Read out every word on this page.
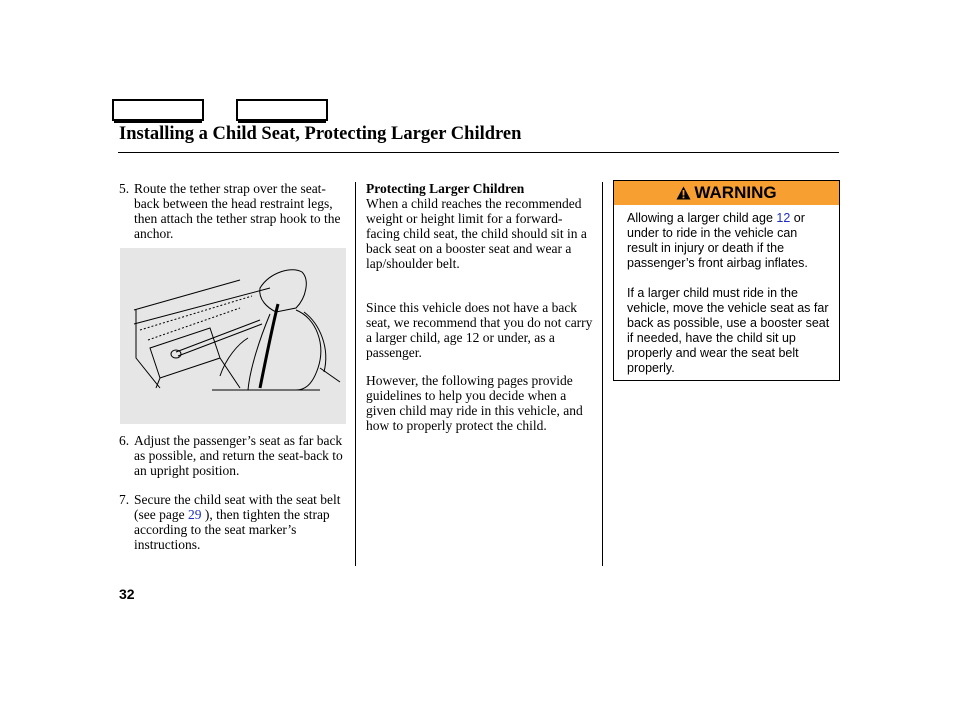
Installing a Child Seat, Protecting Larger Children
5. Route the tether strap over the seat-back between the head restraint legs, then attach the tether strap hook to the anchor.
6. Adjust the passenger’s seat as far back as possible, and return the seat-back to an upright position.
7. Secure the child seat with the seat belt (see page 29 ), then tighten the strap according to the seat marker’s instructions.
Protecting Larger Children

When a child reaches the recommended weight or height limit for a forward-facing child seat, the child should sit in a back seat on a booster seat and wear a lap/shoulder belt.

Since this vehicle does not have a back seat, we recommend that you do not carry a larger child, age 12 or under, as a passenger.

However, the following pages provide guidelines to help you decide when a given child may ride in this vehicle, and how to properly protect the child.

WARNING

Allowing a larger child age 12 or under to ride in the vehicle can result in injury or death if the passenger’s front airbag inflates.

If a larger child must ride in the vehicle, move the vehicle seat as far back as possible, use a booster seat if needed, have the child sit up properly and wear the seat belt properly.

32
